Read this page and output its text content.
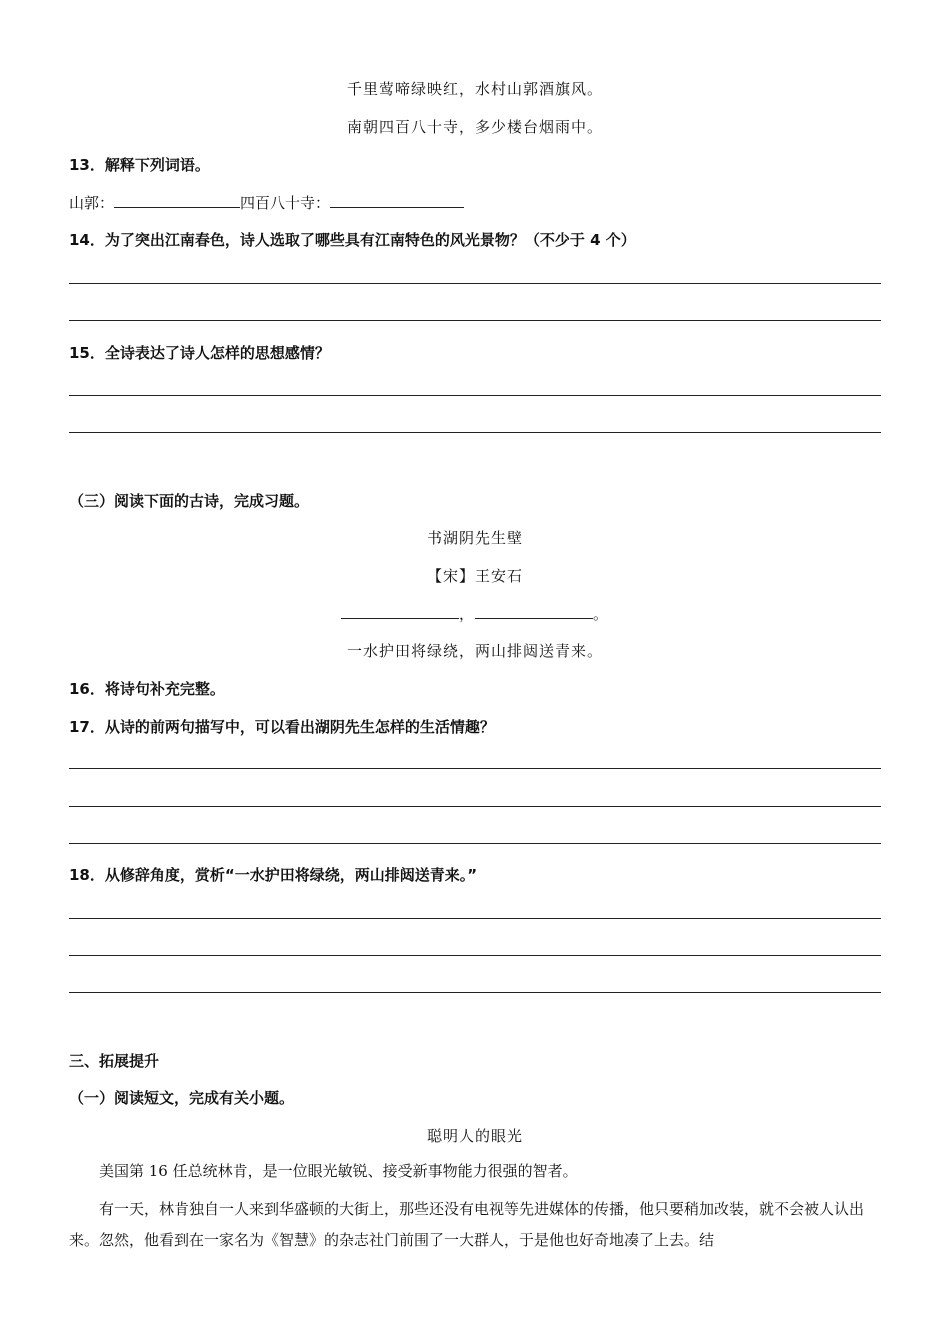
千里莺啼绿映红，水村山郭酒旗风。
南朝四百八十寺，多少楼台烟雨中。
13．解释下列词语。
山郭：	四百八十寺：
14．为了突出江南春色，诗人选取了哪些具有江南特色的风光景物？（不少于 4 个）
15．全诗表达了诗人怎样的思想感情？
（三）阅读下面的古诗，完成习题。
书湖阴先生壁
【宋】王安石
，	。
一水护田将绿绕，两山排闼送青来。
16．将诗句补充完整。
17．从诗的前两句描写中，可以看出湖阴先生怎样的生活情趣？
18．从修辞角度，赏析“一水护田将绿绕，两山排闼送青来。”
三、拓展提升
（一）阅读短文，完成有关小题。
聪明人的眼光
美国第 16 任总统林肯，是一位眼光敏锐、接受新事物能力很强的智者。
有一天，林肯独自一人来到华盛顿的大街上，那些还没有电视等先进媒体的传播，他只要稍加改装，就不会被人认出来。忽然，他看到在一家名为《智慧》的杂志社门前围了一大群人，于是他也好奇地凑了上去。结
